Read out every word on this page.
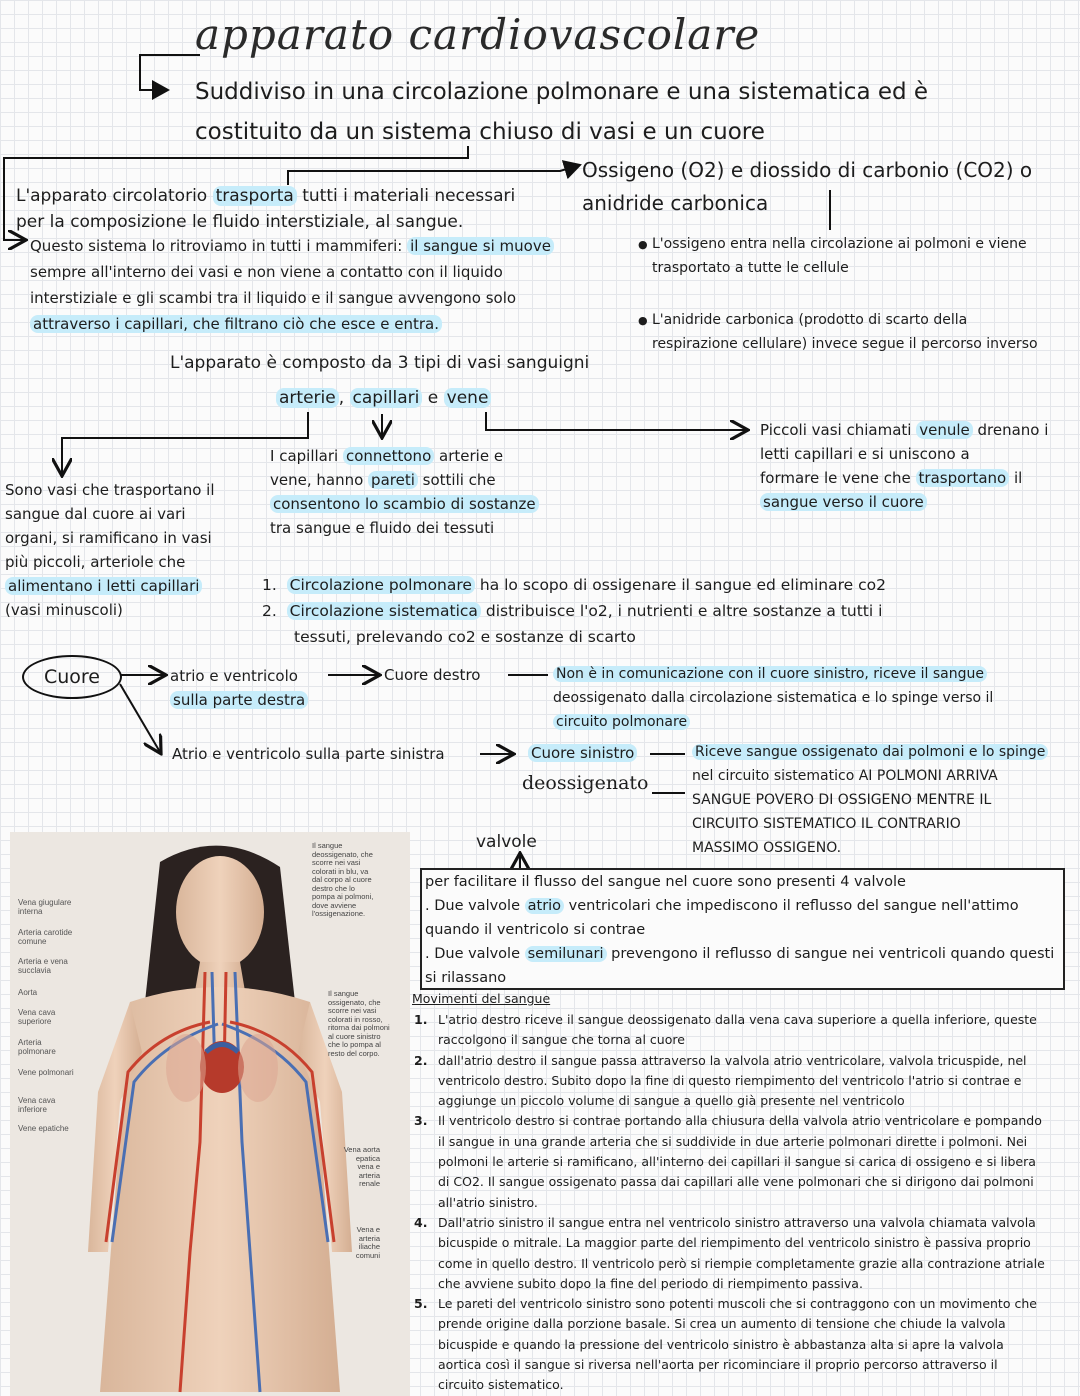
apparato cardiovascolare
Suddiviso in una circolazione polmonare e una sistematica ed è
costituito da un sistema chiuso di vasi e un cuore
Ossigeno (O2) e diossido di carbonio (CO2) o
anidride carbonica
L'apparato circolatorio trasporta tutti i materiali necessari
per la composizione le fluido interstiziale, al sangue.
Questo sistema lo ritroviamo in tutti i mammiferi: il sangue si muove
sempre all'interno dei vasi e non viene a contatto con il liquido
interstiziale e gli scambi tra il liquido e il sangue avvengono solo
attraverso i capillari, che filtrano ciò che esce e entra.
● L'ossigeno entra nella circolazione ai polmoni e viene trasportato a tutte le cellule
● L'anidride carbonica (prodotto di scarto della respirazione cellulare) invece segue il percorso inverso
L'apparato è composto da 3 tipi di vasi sanguigni
arterie , capillari e vene
Sono vasi che trasportano il
sangue dal cuore ai vari
organi, si ramificano in vasi
più piccoli, arteriole che
alimentano i letti capillari
(vasi minuscoli)
I capillari connettono arterie e
vene, hanno pareti sottili che
consentono lo scambio di sostanze
tra sangue e fluido dei tessuti
Piccoli vasi chiamati venule drenano i
letti capillari e si uniscono a
formare le vene che trasportano il
sangue verso il cuore
1. Circolazione polmonare ha lo scopo di ossigenare il sangue ed eliminare co2
2. Circolazione sistematica distribuisce l'o2, i nutrienti e altre sostanze a tutti i
tessuti, prelevando co2 e sostanze di scarto
Cuore	atrio e ventricolo
sulla parte destra
Cuore destro	Non è in comunicazione con il cuore sinistro, riceve il sangue
deossigenato dalla circolazione sistematica e lo spinge verso il
circuito polmonare
Atrio e ventricolo sulla parte sinistra	Cuore sinistro
deossigenato
Riceve sangue ossigenato dai polmoni e lo spinge
nel circuito sistematico AI POLMONI ARRIVA
SANGUE POVERO DI OSSIGENO MENTRE IL
CIRCUITO SISTEMATICO IL CONTRARIO
MASSIMO OSSIGENO.
valvole
per facilitare il flusso del sangue nel cuore sono presenti 4 valvole
. Due valvole atrio ventricolari che impediscono il reflusso del sangue nell'attimo
quando il ventricolo si contrae
. Due valvole semilunari prevengono il reflusso di sangue nei ventricoli quando questi
si rilassano
Movimenti del sangue
1. L'atrio destro riceve il sangue deossigenato dalla vena cava superiore a quella inferiore, queste
raccolgono il sangue che torna al cuore
2. dall'atrio destro il sangue passa attraverso la valvola atrio ventricolare, valvola tricuspide, nel
ventricolo destro. Subito dopo la fine di questo riempimento del ventricolo l'atrio si contrae e
aggiunge un piccolo volume di sangue a quello già presente nel ventricolo
3. Il ventricolo destro si contrae portando alla chiusura della valvola atrio ventricolare e pompando
il sangue in una grande arteria che si suddivide in due arterie polmonari dirette i polmoni. Nei
polmoni le arterie si ramificano, all'interno dei capillari il sangue si carica di ossigeno e si libera
di CO2. Il sangue ossigenato passa dai capillari alle vene polmonari che si dirigono dai polmoni
all'atrio sinistro.
4. Dall'atrio sinistro il sangue entra nel ventricolo sinistro attraverso una valvola chiamata valvola
bicuspide o mitrale. La maggior parte del riempimento del ventricolo sinistro è passiva proprio
come in quello destro. Il ventricolo però si riempie completamente grazie alla contrazione atriale
che avviene subito dopo la fine del periodo di riempimento passiva.
5. Le pareti del ventricolo sinistro sono potenti muscoli che si contraggono con un movimento che
prende origine dalla porzione basale. Si crea un aumento di tensione che chiude la valvola
bicuspide e quando la pressione del ventricolo sinistro è abbastanza alta si apre la valvola
aortica così il sangue si riversa nell'aorta per ricominciare il proprio percorso attraverso il
circuito sistematico.
Vena giugulare interna
Arteria carotide comune
Arteria e vena succlavia
Aorta
Vena cava superiore
Arteria polmonare
Vene polmonari
Vena cava inferiore
Vene epatiche
Il sangue deossigenato, che scorre nei vasi colorati in blu, va dal corpo al cuore destro che lo pompa ai polmoni, dove avviene l'ossigenazione.
Il sangue ossigenato, che scorre nei vasi colorati in rosso, ritorna dai polmoni al cuore sinistro che lo pompa al resto del corpo.
Vena aorta epatica vena e arteria renale
Vena e arteria iliache comuni
